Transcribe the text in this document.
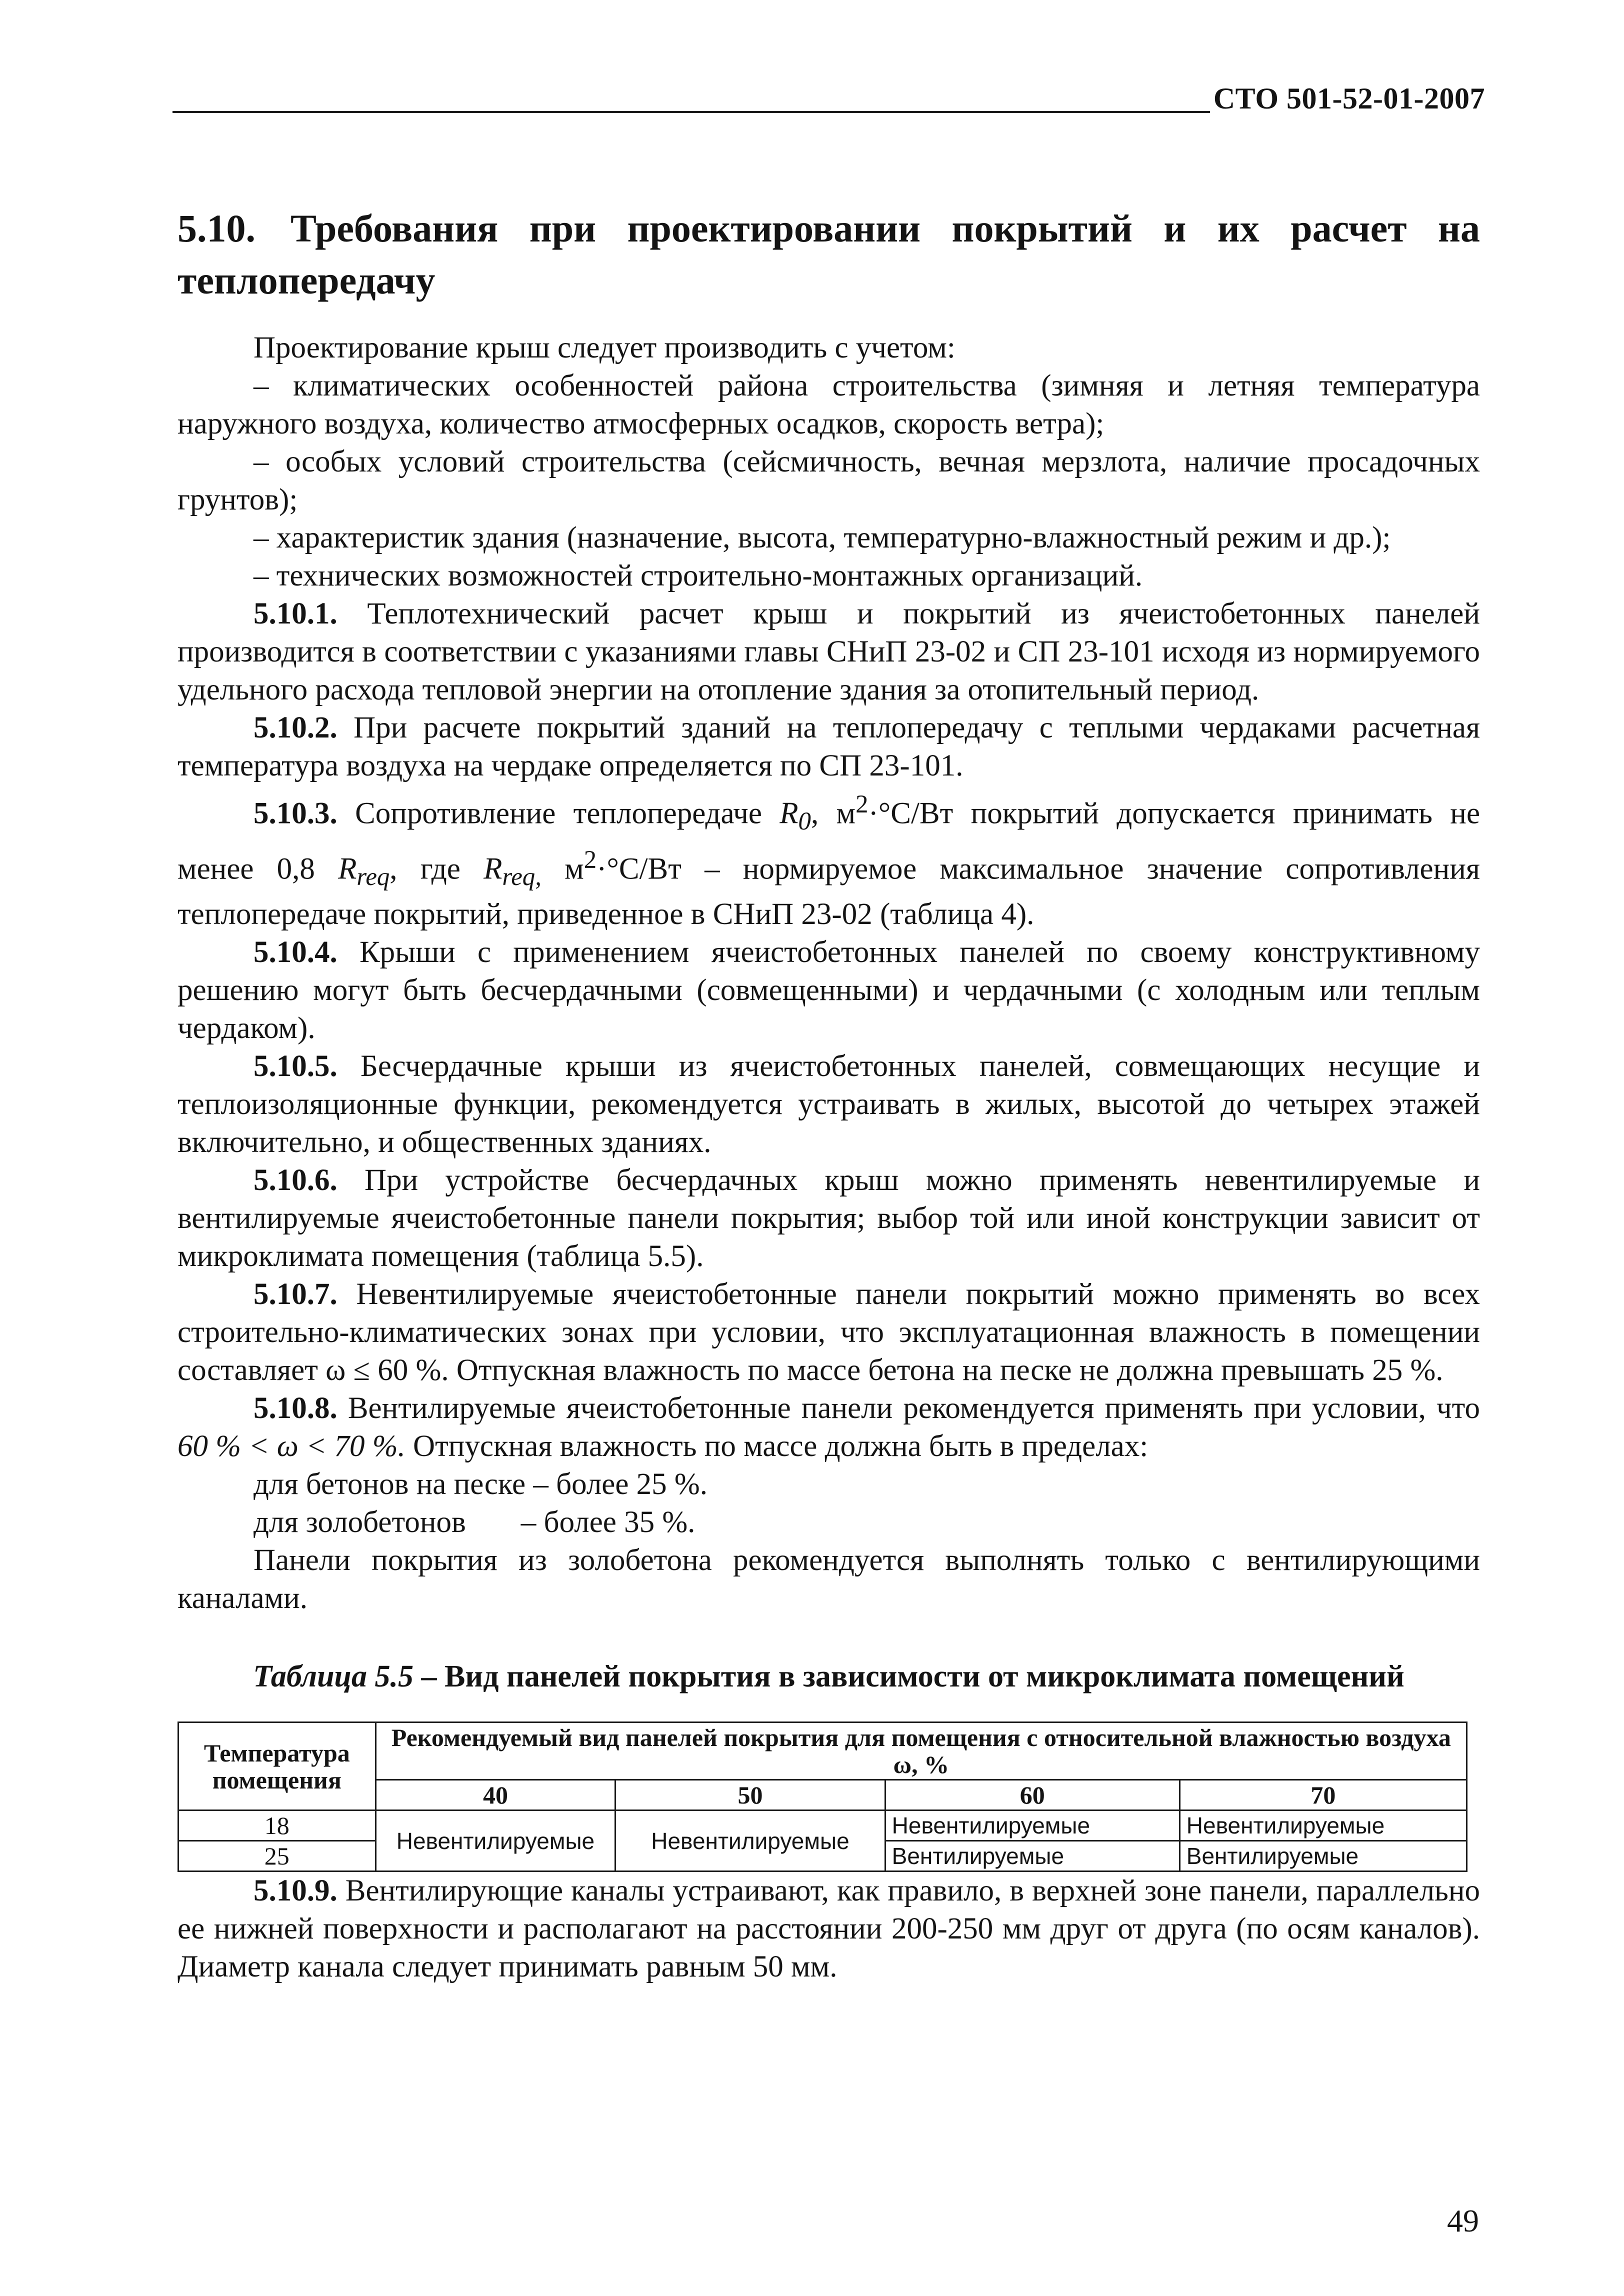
СТО 501-52-01-2007
5.10. Требования при проектировании покрытий и их расчет на теплопередачу

Проектирование крыш следует производить с учетом:

– климатических особенностей района строительства (зимняя и летняя температура наружного воздуха, количество атмосферных осадков, скорость ветра);

– особых условий строительства (сейсмичность, вечная мерзлота, наличие просадочных грунтов);

– характеристик здания (назначение, высота, температурно-влажностный режим и др.);

– технических возможностей строительно-монтажных организаций.

5.10.1. Теплотехнический расчет крыш и покрытий из ячеистобетонных панелей производится в соответствии с указаниями главы СНиП 23-02 и СП 23-101 исходя из нормируемого удельного расхода тепловой энергии на отопление здания за отопительный период.

5.10.2. При расчете покрытий зданий на теплопередачу с теплыми чердаками расчетная температура воздуха на чердаке определяется по СП 23-101.

5.10.3. Сопротивление теплопередаче $R_0$, $м^2\cdot^\circ С/Вт$ покрытий допускается принимать не менее 0,8 $R_{req}$, где $R_{req,}$ $м^2\cdot^\circ С/Вт$ – нормируемое максимальное значение сопротивления теплопередаче покрытий, приведенное в СНиП 23-02 (таблица 4).

5.10.4. Крыши с применением ячеистобетонных панелей по своему конструктивному решению могут быть бесчердачными (совмещенными) и чердачными (с холодным или теплым чердаком).

5.10.5. Бесчердачные крыши из ячеистобетонных панелей, совмещающих несущие и теплоизоляционные функции, рекомендуется устраивать в жилых, высотой до четырех этажей включительно, и общественных зданиях.

5.10.6. При устройстве бесчердачных крыш можно применять невентилируемые и вентилируемые ячеистобетонные панели покрытия; выбор той или иной конструкции зависит от микроклимата помещения (таблица 5.5).

5.10.7. Невентилируемые ячеистобетонные панели покрытий можно применять во всех строительно-климатических зонах при условии, что эксплуатационная влажность в помещении составляет ω ≤ 60 %. Отпускная влажность по массе бетона на песке не должна превышать 25 %.

5.10.8. Вентилируемые ячеистобетонные панели рекомендуется применять при условии, что 60 % < ω < 70 %. Отпускная влажность по массе должна быть в пределах:

для бетонов на песке – более 25 %.

для золобетонов – более 35 %.

Панели покрытия из золобетона рекомендуется выполнять только с вентилирующими каналами.

Таблица 5.5 – Вид панелей покрытия в зависимости от микроклимата помещений
Температура помещения	Рекомендуемый вид панелей покрытия для помещения с относительной влажностью воздуха ω, %			
	40	50	60	70
18	Невентилируемые	Невентилируемые	Невентилируемые	Невентилируемые
25			Вентилируемые	Вентилируемые

5.10.9. Вентилирующие каналы устраивают, как правило, в верхней зоне панели, параллельно ее нижней поверхности и располагают на расстоянии 200-250 мм друг от друга (по осям каналов). Диаметр канала следует принимать равным 50 мм.

49
